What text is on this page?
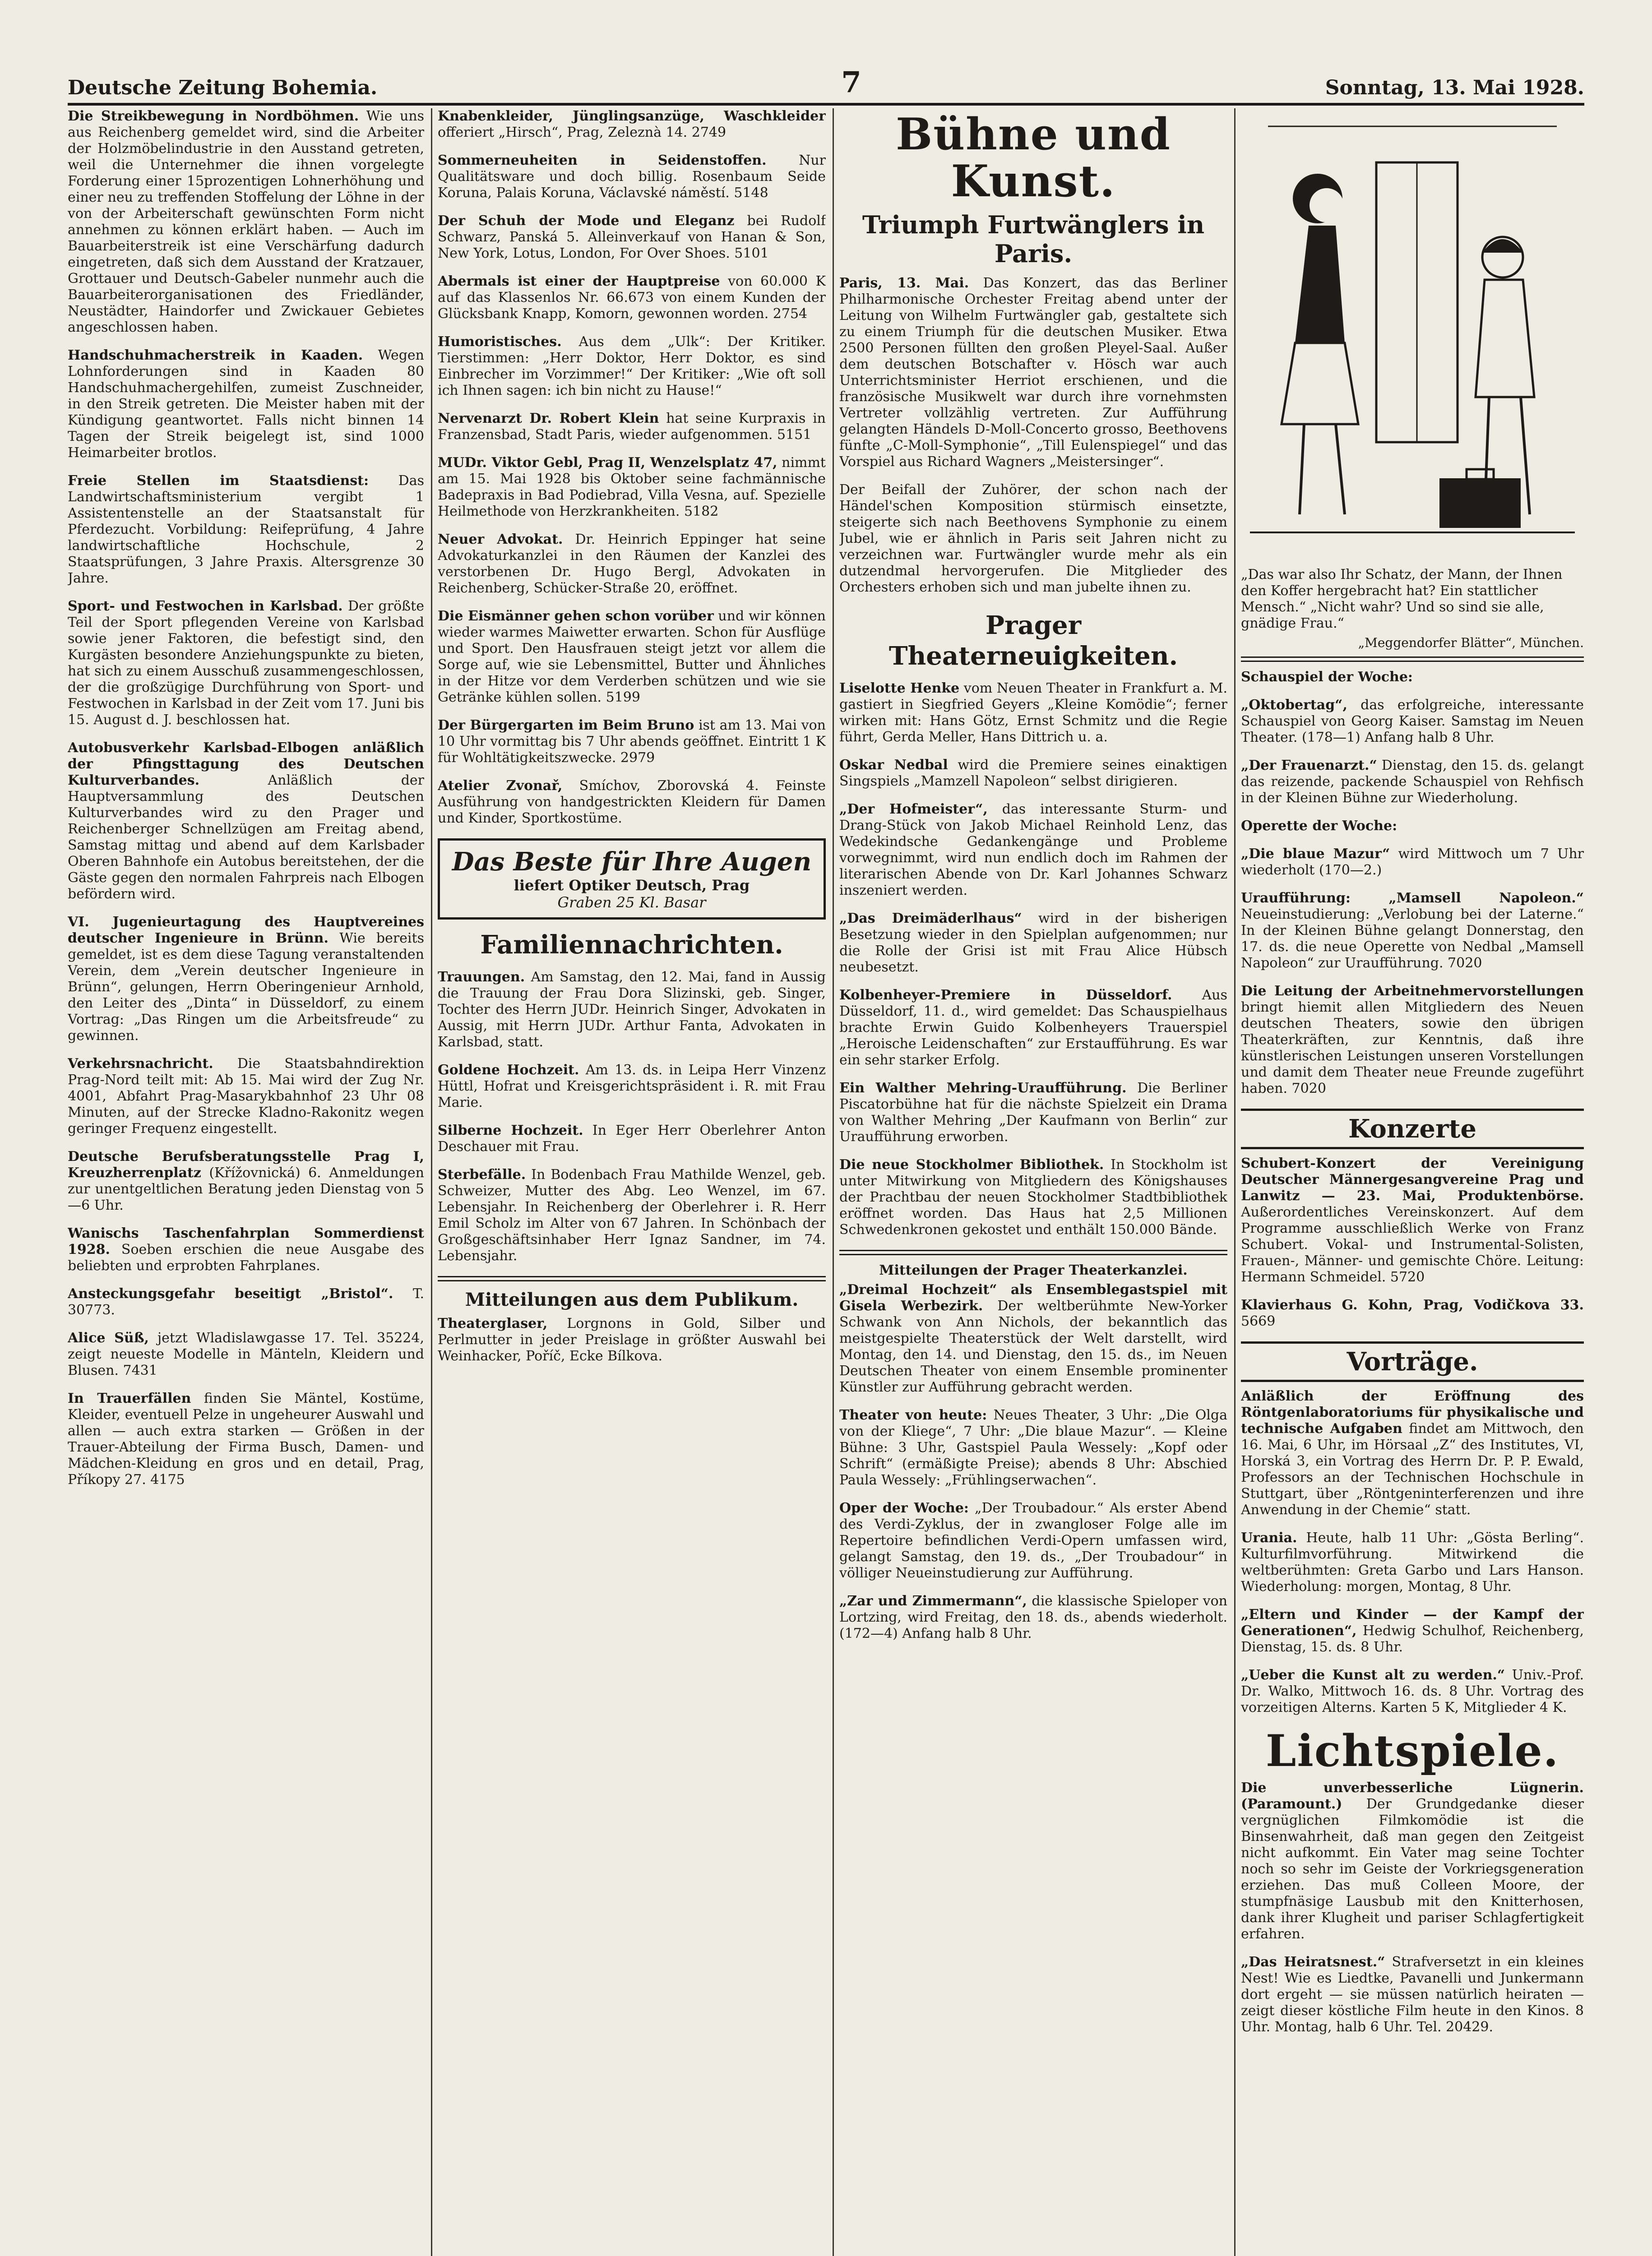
Deutsche Zeitung Bohemia.	7	Sonntag, 13. Mai 1928.

Die Streikbewegung in Nordböhmen. Wie uns aus Reichenberg gemeldet wird, sind die Arbeiter der Holzmöbelindustrie in den Ausstand getreten, weil die Unternehmer die ihnen vorgelegte Forderung einer 15prozentigen Lohnerhöhung und einer neu zu treffenden Stoffelung der Löhne in der von der Arbeiterschaft gewünschten Form nicht annehmen zu können erklärt haben. — Auch im Bauarbeiterstreik ist eine Verschärfung dadurch eingetreten, daß sich dem Ausstand der Kratzauer, Grottauer und Deutsch-Gabeler nunmehr auch die Bauarbeiterorganisationen des Friedländer, Neustädter, Haindorfer und Zwickauer Gebietes angeschlossen haben.

Handschuhmacherstreik in Kaaden. Wegen Lohnforderungen sind in Kaaden 80 Handschuhmachergehilfen, zumeist Zuschneider, in den Streik getreten. Die Meister haben mit der Kündigung geantwortet. Falls nicht binnen 14 Tagen der Streik beigelegt ist, sind 1000 Heimarbeiter brotlos.

Freie Stellen im Staatsdienst: Das Landwirtschaftsministerium vergibt 1 Assistentenstelle an der Staatsanstalt für Pferdezucht. Vorbildung: Reifeprüfung, 4 Jahre landwirtschaftliche Hochschule, 2 Staatsprüfungen, 3 Jahre Praxis. Altersgrenze 30 Jahre.

Sport- und Festwochen in Karlsbad. Der größte Teil der Sport pflegenden Vereine von Karlsbad sowie jener Faktoren, die befestigt sind, den Kurgästen besondere Anziehungspunkte zu bieten, hat sich zu einem Ausschuß zusammengeschlossen, der die großzügige Durchführung von Sport- und Festwochen in Karlsbad in der Zeit vom 17. Juni bis 15. August d. J. beschlossen hat.

Autobusverkehr Karlsbad-Elbogen anläßlich der Pfingsttagung des Deutschen Kulturverbandes.	Anläßlich der Hauptversammlung des Deutschen Kulturverbandes wird zu den Prager und Reichenberger Schnellzügen am Freitag abend, Samstag mittag und abend auf dem Karlsbader Oberen Bahnhofe ein Autobus bereitstehen, der die Gäste gegen den normalen Fahrpreis nach Elbogen befördern wird.

VI. Jugenieurtagung des Hauptvereines deutscher Ingenieure in Brünn. Wie bereits gemeldet, ist es dem diese Tagung veranstaltenden Verein, dem „Verein deutscher Ingenieure in Brünn“, gelungen, Herrn Oberingenieur Arnhold, den Leiter des „Dinta“ in Düsseldorf, zu einem Vortrag: „Das Ringen um die Arbeitsfreude“ zu gewinnen.

Verkehrsnachricht. Die Staatsbahndirektion Prag-Nord teilt mit: Ab 15. Mai wird der Zug Nr. 4001, Abfahrt Prag-Masarykbahnhof 23 Uhr 08 Minuten, auf der Strecke Kladno-Rakonitz wegen geringer Frequenz eingestellt.

Deutsche Berufsberatungsstelle Prag I, Kreuzherrenplatz (Křížovnická) 6. Anmeldungen zur unentgeltlichen Beratung jeden Dienstag von 5—6 Uhr.

Wanischs Taschenfahrplan Sommerdienst 1928. Soeben erschien die neue Ausgabe des beliebten und erprobten Fahrplanes.

Ansteckungsgefahr beseitigt „Bristol“. T. 30773.

Alice Süß, jetzt Wladislawgasse 17. Tel. 35224, zeigt neueste Modelle in Mänteln, Kleidern und Blusen. 7431

In Trauerfällen finden Sie Mäntel, Kostüme, Kleider, eventuell Pelze in ungeheurer Auswahl und allen — auch extra starken — Größen in der Trauer-Abteilung der Firma Busch, Damen- und Mädchen-Kleidung en gros und en detail, Prag, Příkopy 27. 4175

Knabenkleider, Jünglingsanzüge, Waschkleider offeriert „Hirsch“, Prag, Zeleznà 14. 2749

Sommerneuheiten in Seidenstoffen. Nur Qualitätsware und doch billig. Rosenbaum Seide Koruna, Palais Koruna, Václavské náměstí. 5148

Der Schuh der Mode und Eleganz bei Rudolf Schwarz, Panská 5. Alleinverkauf von Hanan & Son, New York, Lotus, London, For Over Shoes. 5101

Abermals ist einer der Hauptpreise von 60.000 K auf das Klassenlos Nr. 66.673 von einem Kunden der Glücksbank Knapp, Komorn, gewonnen worden. 2754

Humoristisches. Aus dem „Ulk“: Der Kritiker. Tierstimmen: „Herr Doktor, Herr Doktor, es sind Einbrecher im Vorzimmer!“ Der Kritiker: „Wie oft soll ich Ihnen sagen: ich bin nicht zu Hause!“

Nervenarzt Dr. Robert Klein hat seine Kurpraxis in Franzensbad, Stadt Paris, wieder aufgenommen. 5151

MUDr. Viktor Gebl, Prag II, Wenzelsplatz 47, nimmt am 15. Mai 1928 bis Oktober seine fachmännische Badepraxis in Bad Podiebrad, Villa Vesna, auf. Spezielle Heilmethode von Herzkrankheiten. 5182

Neuer Advokat. Dr. Heinrich Eppinger hat seine Advokaturkanzlei in den Räumen der Kanzlei des verstorbenen Dr. Hugo Bergl, Advokaten in Reichenberg, Schücker-Straße 20, eröffnet.

Die Eismänner gehen schon vorüber und wir können wieder warmes Maiwetter erwarten. Schon für Ausflüge und Sport. Den Hausfrauen steigt jetzt vor allem die Sorge auf, wie sie Lebensmittel, Butter und Ähnliches in der Hitze vor dem Verderben schützen und wie sie Getränke kühlen sollen. 5199

Der Bürgergarten im Beim Bruno ist am 13. Mai von 10 Uhr vormittag bis 7 Uhr abends geöffnet. Eintritt 1 K für Wohltätigkeitszwecke. 2979

Atelier Zvonař, Smíchov, Zborovská 4. Feinste Ausführung von handgestrickten Kleidern für Damen und Kinder, Sportkostüme.

Das Beste für Ihre Augen
liefert Optiker Deutsch, Prag
Graben 25 Kl. Basar
Familiennachrichten.

Trauungen. Am Samstag, den 12. Mai, fand in Aussig die Trauung der Frau Dora Slizinski, geb. Singer, Tochter des Herrn JUDr. Heinrich Singer, Advokaten in Aussig, mit Herrn JUDr. Arthur Fanta, Advokaten in Karlsbad, statt.

Goldene Hochzeit. Am 13. ds. in Leipa Herr Vinzenz Hüttl, Hofrat und Kreisgerichtspräsident i. R. mit Frau Marie.

Silberne Hochzeit. In Eger Herr Oberlehrer Anton Deschauer mit Frau.

Sterbefälle. In Bodenbach Frau Mathilde Wenzel, geb. Schweizer, Mutter des Abg. Leo Wenzel, im 67. Lebensjahr. In Reichenberg der Oberlehrer i. R. Herr Emil Scholz im Alter von 67 Jahren. In Schönbach der Großgeschäftsinhaber Herr Ignaz Sandner, im 74. Lebensjahr.

Mitteilungen aus dem Publikum.

Theaterglaser, Lorgnons in Gold, Silber und Perlmutter in jeder Preislage in größter Auswahl bei Weinhacker, Poříč, Ecke Bílkova.

Bühne und Kunst.
Triumph Furtwänglers in Paris.

Paris, 13. Mai. Das Konzert, das das Berliner Philharmonische Orchester Freitag abend unter der Leitung von Wilhelm Furtwängler gab, gestaltete sich zu einem Triumph für die deutschen Musiker. Etwa 2500 Personen füllten den großen Pleyel-Saal. Außer dem deutschen Botschafter v. Hösch war auch Unterrichtsminister Herriot erschienen, und die französische Musikwelt war durch ihre vornehmsten Vertreter vollzählig vertreten. Zur Aufführung gelangten Händels D-Moll-Concerto grosso, Beethovens fünfte „C-Moll-Symphonie“, „Till Eulenspiegel“ und das Vorspiel aus Richard Wagners „Meistersinger“.

Der Beifall der Zuhörer, der schon nach der Händel'schen Komposition stürmisch einsetzte, steigerte sich nach Beethovens Symphonie zu einem Jubel, wie er ähnlich in Paris seit Jahren nicht zu verzeichnen war. Furtwängler wurde mehr als ein dutzendmal hervorgerufen. Die Mitglieder des Orchesters erhoben sich und man jubelte ihnen zu.

Prager Theaterneuigkeiten.

Liselotte Henke vom Neuen Theater in Frankfurt a. M. gastiert in Siegfried Geyers „Kleine Komödie“; ferner wirken mit: Hans Götz, Ernst Schmitz und die Regie führt, Gerda Meller, Hans Dittrich u. a.

Oskar Nedbal wird die Premiere seines einaktigen Singspiels „Mamzell Napoleon“ selbst dirigieren.

„Der Hofmeister“, das interessante Sturm- und Drang-Stück von Jakob Michael Reinhold Lenz, das Wedekindsche Gedankengänge und Probleme vorwegnimmt, wird nun endlich doch im Rahmen der literarischen Abende von Dr. Karl Johannes Schwarz inszeniert werden.

„Das Dreimäderlhaus“ wird in der bisherigen Besetzung wieder in den Spielplan aufgenommen; nur die Rolle der Grisi ist mit Frau Alice Hübsch neubesetzt.

Kolbenheyer-Premiere in Düsseldorf. Aus Düsseldorf, 11. d., wird gemeldet: Das Schauspielhaus brachte Erwin Guido Kolbenheyers Trauerspiel „Heroische Leidenschaften“ zur Erstaufführung. Es war ein sehr starker Erfolg.

Ein Walther Mehring-Uraufführung. Die Berliner Piscatorbühne hat für die nächste Spielzeit ein Drama von Walther Mehring „Der Kaufmann von Berlin“ zur Uraufführung erworben.

Die neue Stockholmer Bibliothek. In Stockholm ist unter Mitwirkung von Mitgliedern des Königshauses der Prachtbau der neuen Stockholmer Stadtbibliothek eröffnet worden. Das Haus hat 2,5 Millionen Schwedenkronen gekostet und enthält 150.000 Bände.

Mitteilungen der Prager Theaterkanzlei.

„Dreimal Hochzeit“ als Ensemblegastspiel mit Gisela Werbezirk. Der weltberühmte New-Yorker Schwank von Ann Nichols, der bekanntlich das meistgespielte Theaterstück der Welt darstellt, wird Montag, den 14. und Dienstag, den 15. ds., im Neuen Deutschen Theater von einem Ensemble prominenter Künstler zur Aufführung gebracht werden.

Theater von heute: Neues Theater, 3 Uhr: „Die Olga von der Kliege“, 7 Uhr: „Die blaue Mazur“. — Kleine Bühne: 3 Uhr, Gastspiel Paula Wessely: „Kopf oder Schrift“ (ermäßigte Preise); abends 8 Uhr: Abschied Paula Wessely: „Frühlingserwachen“.

Oper der Woche: „Der Troubadour.“ Als erster Abend des Verdi-Zyklus, der in zwangloser Folge alle im Repertoire befindlichen Verdi-Opern umfassen wird, gelangt Samstag, den 19. ds., „Der Troubadour“ in völliger Neueinstudierung zur Aufführung.

„Zar und Zimmermann“, die klassische Spieloper von Lortzing, wird Freitag, den 18. ds., abends wiederholt. (172—4) Anfang halb 8 Uhr.

„Das war also Ihr Schatz, der Mann, der Ihnen den Koffer hergebracht hat? Ein stattlicher Mensch.“ „Nicht wahr? Und so sind sie alle, gnädige Frau.“
„Meggendorfer Blätter“, München.

Schauspiel der Woche:

„Oktobertag“, das erfolgreiche, interessante Schauspiel von Georg Kaiser. Samstag im Neuen Theater. (178—1) Anfang halb 8 Uhr.

„Der Frauenarzt.“ Dienstag, den 15. ds. gelangt das reizende, packende Schauspiel von Rehfisch in der Kleinen Bühne zur Wiederholung.

Operette der Woche:

„Die blaue Mazur“ wird Mittwoch um 7 Uhr wiederholt (170—2.)

Uraufführung: „Mamsell Napoleon.“ Neueinstudierung: „Verlobung bei der Laterne.“ In der Kleinen Bühne gelangt Donnerstag, den 17. ds. die neue Operette von Nedbal „Mamsell Napoleon“ zur Uraufführung. 7020

Die Leitung der Arbeitnehmervorstellungen bringt hiemit allen Mitgliedern des Neuen deutschen Theaters, sowie den übrigen Theaterkräften, zur Kenntnis, daß ihre künstlerischen Leistungen unseren Vorstellungen und damit dem Theater neue Freunde zugeführt haben. 7020

Konzerte

Schubert-Konzert der Vereinigung Deutscher Männergesangvereine Prag und Lanwitz — 23. Mai, Produktenbörse. Außerordentliches Vereinskonzert. Auf dem Programme ausschließlich Werke von Franz Schubert. Vokal- und Instrumental-Solisten, Frauen-, Männer- und gemischte Chöre. Leitung: Hermann Schmeidel. 5720

Klavierhaus G. Kohn, Prag, Vodičkova 33. 5669

Vorträge.

Anläßlich der Eröffnung des Röntgenlaboratoriums für physikalische und technische Aufgaben findet am Mittwoch, den 16. Mai, 6 Uhr, im Hörsaal „Z“ des Institutes, VI, Horská 3, ein Vortrag des Herrn Dr. P. P. Ewald, Professors an der Technischen Hochschule in Stuttgart, über „Röntgeninterferenzen und ihre Anwendung in der Chemie“ statt.

Urania. Heute, halb 11 Uhr: „Gösta Berling“. Kulturfilmvorführung. Mitwirkend die weltberühmten: Greta Garbo und Lars Hanson. Wiederholung: morgen, Montag, 8 Uhr.

„Eltern und Kinder — der Kampf der Generationen“, Hedwig Schulhof, Reichenberg, Dienstag, 15. ds. 8 Uhr.

„Ueber die Kunst alt zu werden.“ Univ.-Prof. Dr. Walko, Mittwoch 16. ds. 8 Uhr. Vortrag des vorzeitigen Alterns. Karten 5 K, Mitglieder 4 K.

Lichtspiele.

Die unverbesserliche Lügnerin. (Paramount.) Der Grundgedanke dieser vergnüglichen Filmkomödie ist die Binsenwahrheit, daß man gegen den Zeitgeist nicht aufkommt. Ein Vater mag seine Tochter noch so sehr im Geiste der Vorkriegsgeneration erziehen. Das muß Colleen Moore, der stumpfnäsige Lausbub mit den Knitterhosen, dank ihrer Klugheit und pariser Schlagfertigkeit erfahren.

„Das Heiratsnest.“ Strafversetzt in ein kleines Nest! Wie es Liedtke, Pavanelli und Junkermann dort ergeht — sie müssen natürlich heiraten — zeigt dieser köstliche Film heute in den Kinos. 8 Uhr. Montag, halb 6 Uhr. Tel. 20429.
